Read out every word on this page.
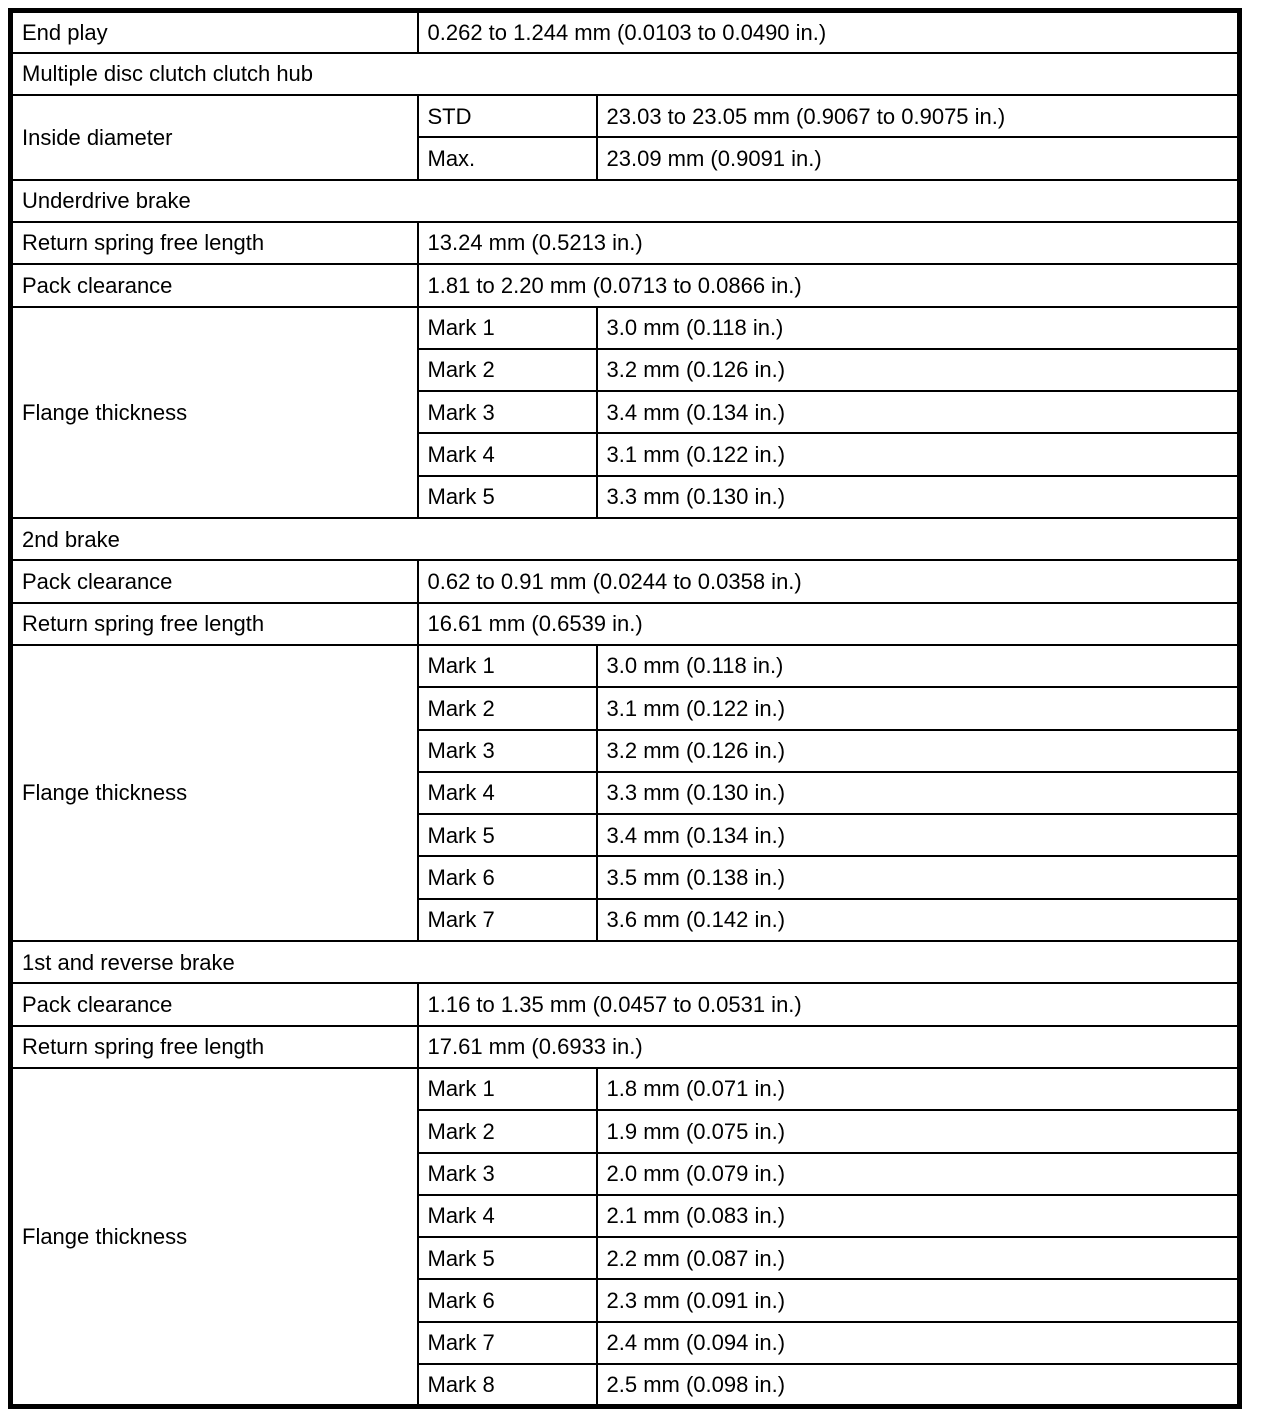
End play	0.262 to 1.244 mm (0.0103 to 0.0490 in.)	
Multiple disc clutch clutch hub		
Inside diameter	STD	23.03 to 23.05 mm (0.9067 to 0.9075 in.)
	Max.	23.09 mm (0.9091 in.)
Underdrive brake		
Return spring free length	13.24 mm (0.5213 in.)	
Pack clearance	1.81 to 2.20 mm (0.0713 to 0.0866 in.)	
Flange thickness	Mark 1	3.0 mm (0.118 in.)
	Mark 2	3.2 mm (0.126 in.)
	Mark 3	3.4 mm (0.134 in.)
	Mark 4	3.1 mm (0.122 in.)
	Mark 5	3.3 mm (0.130 in.)
2nd brake		
Pack clearance	0.62 to 0.91 mm (0.0244 to 0.0358 in.)	
Return spring free length	16.61 mm (0.6539 in.)	
Flange thickness	Mark 1	3.0 mm (0.118 in.)
	Mark 2	3.1 mm (0.122 in.)
	Mark 3	3.2 mm (0.126 in.)
	Mark 4	3.3 mm (0.130 in.)
	Mark 5	3.4 mm (0.134 in.)
	Mark 6	3.5 mm (0.138 in.)
	Mark 7	3.6 mm (0.142 in.)
1st and reverse brake		
Pack clearance	1.16 to 1.35 mm (0.0457 to 0.0531 in.)	
Return spring free length	17.61 mm (0.6933 in.)	
Flange thickness	Mark 1	1.8 mm (0.071 in.)
	Mark 2	1.9 mm (0.075 in.)
	Mark 3	2.0 mm (0.079 in.)
	Mark 4	2.1 mm (0.083 in.)
	Mark 5	2.2 mm (0.087 in.)
	Mark 6	2.3 mm (0.091 in.)
	Mark 7	2.4 mm (0.094 in.)
	Mark 8	2.5 mm (0.098 in.)
